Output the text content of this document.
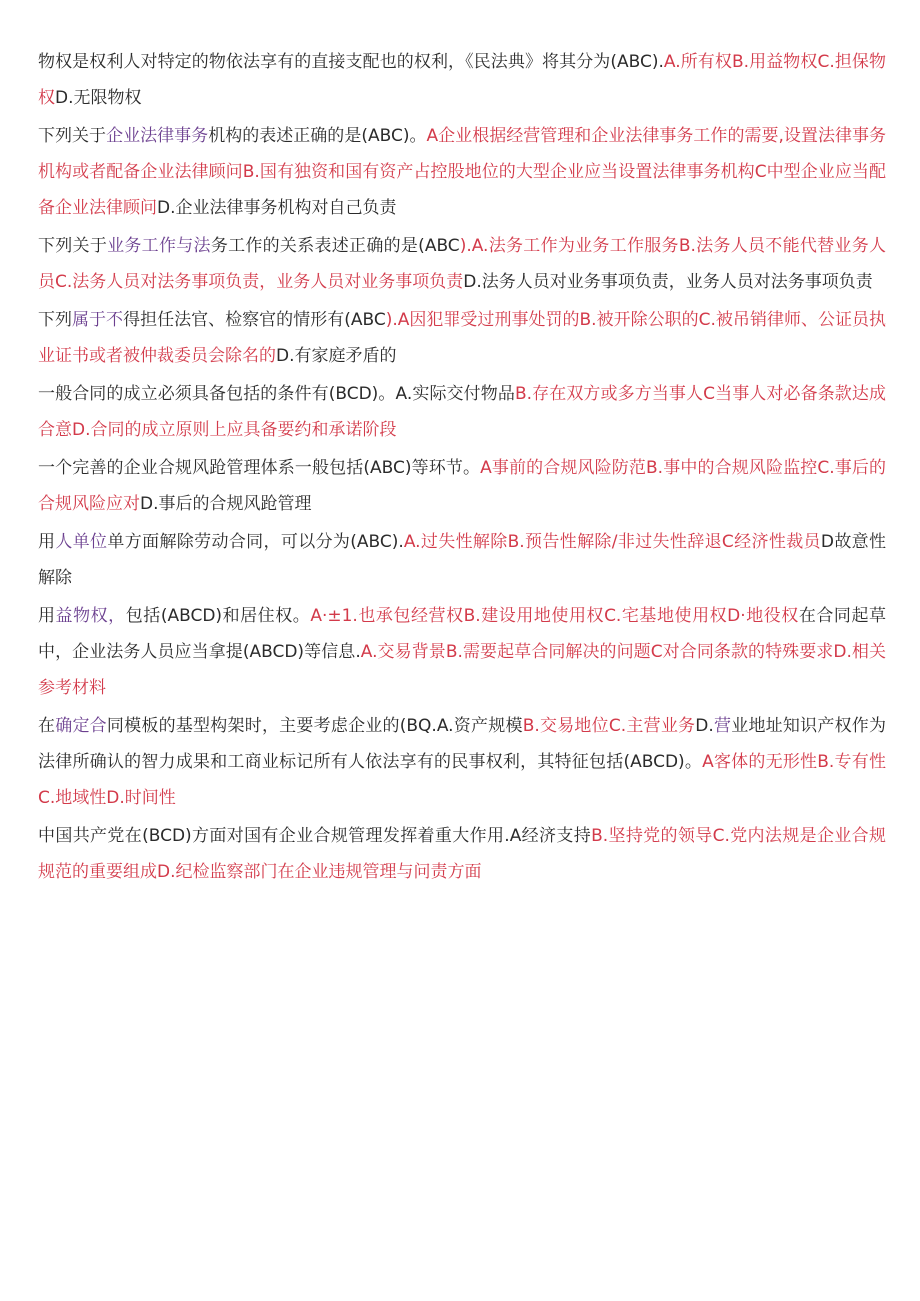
物权是权利人对特定的物依法享有的直接支配也的权利，《民法典》将其分为(ABC).A.所有权B.用益物权C.担保物权D.无限物权

下列关于企业法律事务机构的表述正确的是(ABC)。A企业根据经营管理和企业法律事务工作的需要,设置法律事务机构或者配备企业法律顾问B.国有独资和国有资产占控股地位的大型企业应当设置法律事务机构C中型企业应当配备企业法律顾问D.企业法律事务机构对自己负责

下列关于业务工作与法务工作的关系表述正确的是(ABC).A.法务工作为业务工作服务B.法务人员不能代替业务人员C.法务人员对法务事项负责，业务人员对业务事项负责D.法务人员对业务事项负责，业务人员对法务事项负责

下列属于不得担任法官、检察官的情形有(ABC).A因犯罪受过刑事处罚的B.被开除公职的C.被吊销律师、公证员执业证书或者被仲裁委员会除名的D.有家庭矛盾的

一般合同的成立必须具备包括的条件有(BCD)。A.实际交付物品B.存在双方或多方当事人C当事人对必备条款达成合意D.合同的成立原则上应具备要约和承诺阶段

一个完善的企业合规风跄管理体系一般包括(ABC)等环节。A事前的合规风险防范B.事中的合规风险监控C.事后的合规风险应对D.事后的合规风跄管理

用人单位单方面解除劳动合同，可以分为(ABC).A.过失性解除B.预告性解除/非过失性辞退C经济性裁员D故意性解除

用益物权，包括(ABCD)和居住权。A·±1.也承包经营权B.建设用地使用权C.宅基地使用权D·地役权在合同起草中，企业法务人员应当拿提(ABCD)等信息.A.交易背景B.需要起草合同解决的问题C对合同条款的特殊要求D.相关参考材料

在确定合同模板的基型构架时，主要考虑企业的(BQ.A.资产规模B.交易地位C.主营业务D.营业地址知识产权作为法律所确认的智力成果和工商业标记所有人依法享有的民事权利，其特征包括(ABCD)。A客体的无形性B.专有性C.地域性D.时间性

中国共产党在(BCD)方面对国有企业合规管理发挥着重大作用.A经济支持B.坚持党的领导C.党内法规是企业合规规范的重要组成D.纪检监察部门在企业违规管理与问责方面
